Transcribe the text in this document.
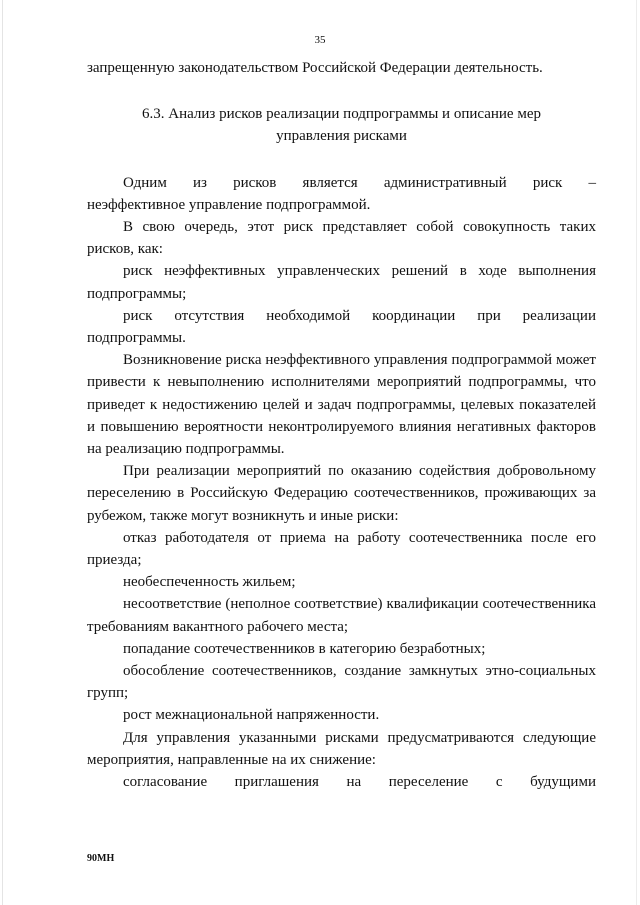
35

запрещенную законодательством Российской Федерации деятельность.

6.3. Анализ рисков реализации подпрограммы и описание мер
управления рисками
Одним из рисков является административный риск –

неэффективное управление подпрограммой.

В свою очередь, этот риск представляет собой совокупность таких рисков, как:

риск неэффективных управленческих решений в ходе выполнения подпрограммы;

риск отсутствия необходимой координации при реализации подпрограммы.

Возникновение риска неэффективного управления подпрограммой может привести к невыполнению исполнителями мероприятий подпрограммы, что приведет к недостижению целей и задач подпрограммы, целевых показателей и повышению вероятности неконтролируемого влияния негативных факторов на реализацию подпрограммы.

При реализации мероприятий по оказанию содействия добровольному переселению в Российскую Федерацию соотечественников, проживающих за рубежом, также могут возникнуть и иные риски:

отказ работодателя от приема на работу соотечественника после его приезда;

необеспеченность жильем;

несоответствие (неполное соответствие) квалификации соотечественника требованиям вакантного рабочего места;

попадание соотечественников в категорию безработных;

обособление соотечественников, создание замкнутых этно-социальных групп;

рост межнациональной напряженности.

Для управления указанными рисками предусматриваются следующие мероприятия, направленные на их снижение:

согласование приглашения на переселение с будущими
90МН
